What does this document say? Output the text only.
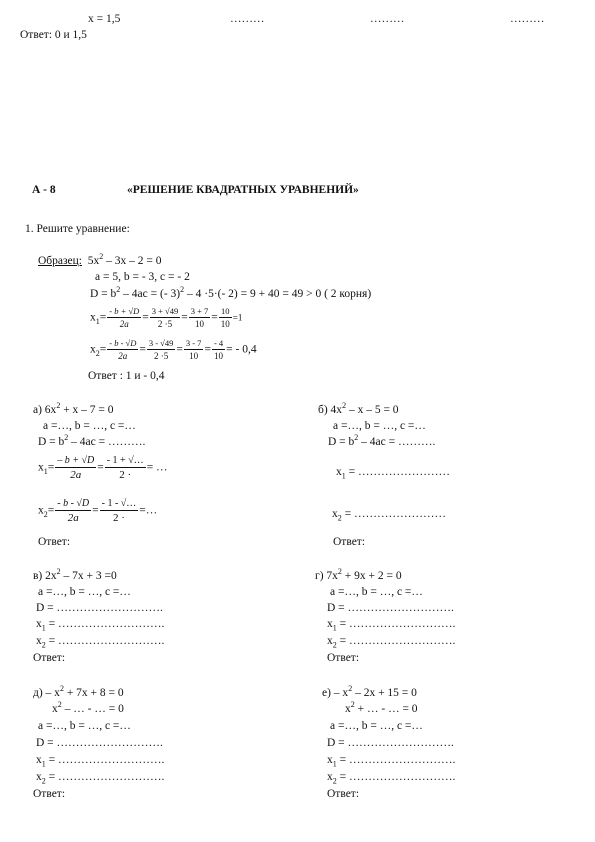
x = 1,5	………	………	………
Ответ: 0 и 1,5
А - 8	«РЕШЕНИЕ КВАДРАТНЫХ УРАВНЕНИЙ»
1. Решите уравнение:
Образец: $5х^2 - 3х - 2 = 0$
а = 5, b = - 3, с = - 2
$D = b^2 - 4ac$ = (- 3)$^2$ – 4 ·5·(- 2) = 9 + 40 = 49 > 0 ( 2 корня)
$x_1= \frac{- b + √D}{2a} = \frac{3 + √49}{2 \cdot 5} = \frac{3 + 7}{10} = \frac{10}{10} =1$
$x_2= \frac{- b - √D}{2a} = \frac{3 - √49}{2 \cdot 5} = \frac{3 - 7}{10} = \frac{- 4}{10}$ = - 0,4
Ответ : 1 и - 0,4
а) $6х^2 + х - 7 = 0$
а =…, b = …, с =…
$D = b^2 - 4ac$ = ……….
$x_1= \frac{- b + √D}{2a} = \frac{- 1 + √\dots}{2 \cdot}$ = …
$x_2= \frac{- b - √D}{2a} = \frac{- 1 - √\dots}{2 \cdot}$ =…
Ответ:
б) $4х^2 - х - 5 = 0$
а =…, b = …, с =…
$D = b^2 - 4ac$ = ……….
$x_1$ = ……………………
$x_2$ = ……………………
Ответ:
в) $2х^2 - 7х + 3 =0$
а =…, b = …, с =…
D = ……………………….
$x_1$ = ……………………….
$x_2$ = ……………………….
Ответ:
г) $7х^2 + 9х + 2 = 0$
а =…, b = …, с =…
D = ……………………….
$x_1$ = ……………………….
$x_2$ = ……………………….
Ответ:
$д) - х^2 + 7х + 8 = 0$
$х^2$ – … - … = 0
а =…, b = …, с =…
D = ……………………….
$x_1$ = ……………………….
$x_2$ = ……………………….
Ответ:
$е) - х^2 - 2х + 15 = 0$
$х^2$ + … - … = 0
а =…, b = …, с =…
D = ……………………….
$x_1$ = ……………………….
$x_2$ = ……………………….
Ответ:
